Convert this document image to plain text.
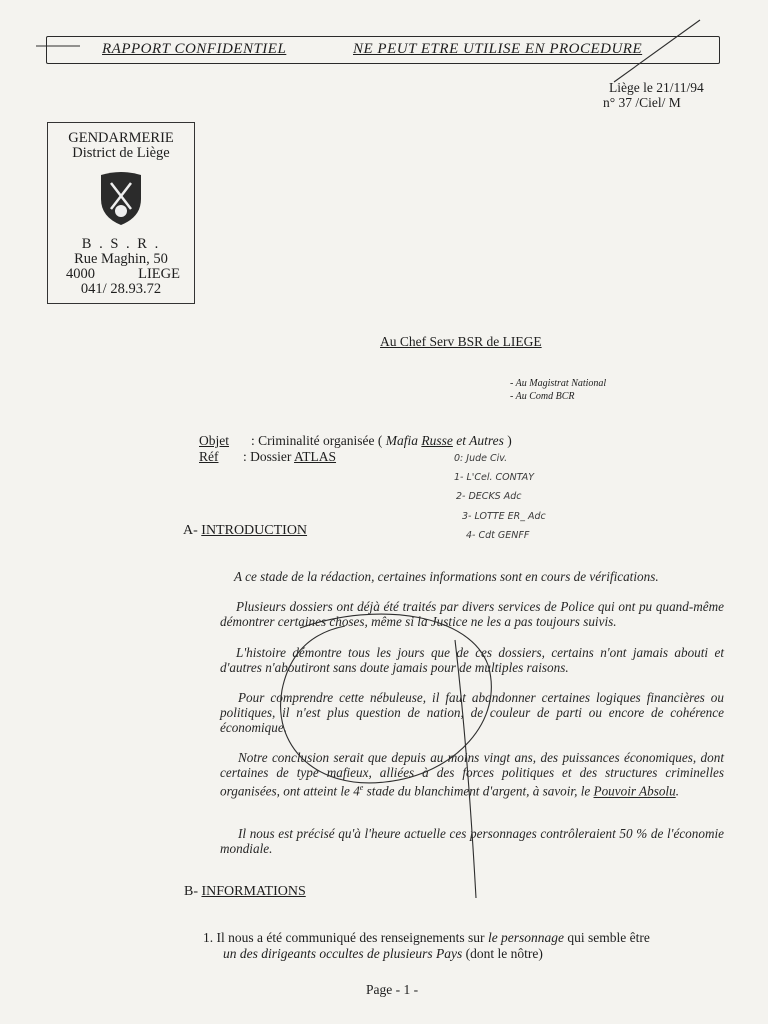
RAPPORT CONFIDENTIEL	NE PEUT ETRE UTILISE EN PROCEDURE
Liège le 21/11/94
n° 37 /Ciel/ M
GENDARMERIE
District de Liège
B . S . R .
Rue Maghin, 50
4000	LIEGE
041/ 28.93.72
Au Chef Serv BSR de LIEGE
- Au Magistrat National
- Au Comd BCR
Objet : Criminalité organisée ( Mafia Russe et Autres )
Réf : Dossier ATLAS	0: Jude Civ.
1- L'Cel. CONTAY
2- DECKS Adc
3- LOTTE ER_ Adc
4- Cdt GENFF
A- INTRODUCTION
A ce stade de la rédaction, certaines informations sont en cours de vérifications.
Plusieurs dossiers ont déjà été traités par divers services de Police qui ont pu quand-même démontrer certaines choses, même si la Justice ne les a pas toujours suivis.
L'histoire démontre tous les jours que de ces dossiers, certains n'ont jamais abouti et d'autres n'aboutiront sans doute jamais pour de multiples raisons.
Pour comprendre cette nébuleuse, il faut abandonner certaines logiques financières ou politiques, il n'est plus question de nation, de couleur de parti ou encore de cohérence économique.
Notre conclusion serait que depuis au moins vingt ans, des puissances économiques, dont certaines de type mafieux, alliées à des forces politiques et des structures criminelles organisées, ont atteint le 4e stade du blanchiment d'argent, à savoir, le Pouvoir Absolu.
Il nous est précisé qu'à l'heure actuelle ces personnages contrôleraient 50 % de l'économie mondiale.
B- INFORMATIONS
1. Il nous a été communiqué des renseignements sur le personnage qui semble être
un des dirigeants occultes de plusieurs Pays (dont le nôtre)
Page - 1 -
